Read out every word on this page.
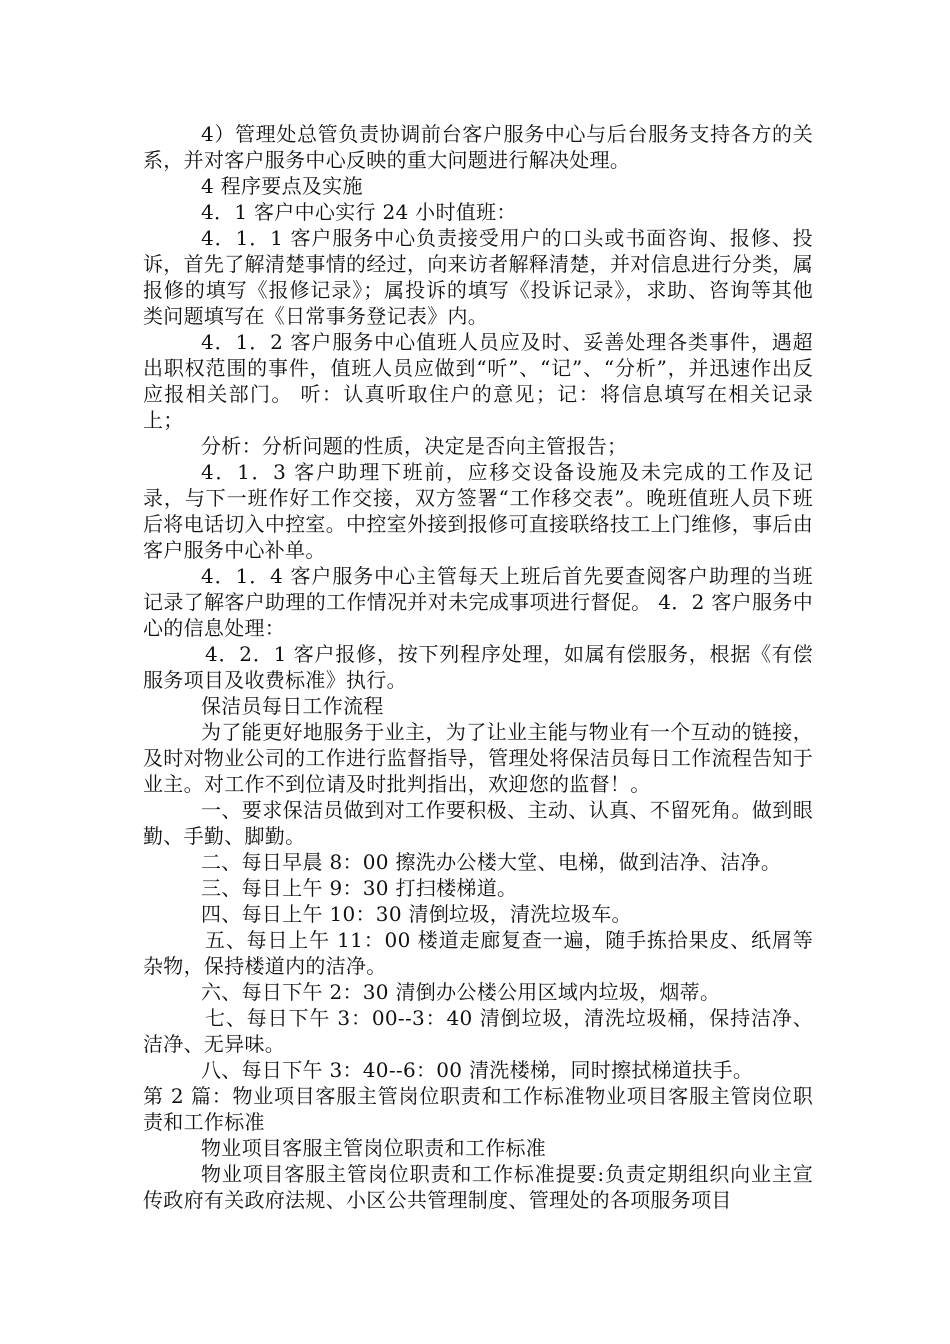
4）管理处总管负责协调前台客户服务中心与后台服务支持各方的关系，并对客户服务中心反映的重大问题进行解决处理。

4 程序要点及实施

4．1 客户中心实行 24 小时值班：

4．1．1 客户服务中心负责接受用户的口头或书面咨询、报修、投诉，首先了解清楚事情的经过，向来访者解释清楚，并对信息进行分类，属报修的填写《报修记录》；属投诉的填写《投诉记录》，求助、咨询等其他类问题填写在《日常事务登记表》内。

4．1．2 客户服务中心值班人员应及时、妥善处理各类事件，遇超出职权范围的事件，值班人员应做到“听”、“记”、“分析”，并迅速作出反应报相关部门。 听：认真听取住户的意见；记：将信息填写在相关记录上；

分析：分析问题的性质，决定是否向主管报告；

4．1．3 客户助理下班前，应移交设备设施及未完成的工作及记录，与下一班作好工作交接，双方签署“工作移交表”。晚班值班人员下班后将电话切入中控室。中控室外接到报修可直接联络技工上门维修，事后由客户服务中心补单。

4．1．4 客户服务中心主管每天上班后首先要查阅客户助理的当班记录了解客户助理的工作情况并对未完成事项进行督促。 4．2 客户服务中心的信息处理：

4．2．1 客户报修，按下列程序处理，如属有偿服务，根据《有偿服务项目及收费标准》执行。

保洁员每日工作流程

为了能更好地服务于业主，为了让业主能与物业有一个互动的链接，及时对物业公司的工作进行监督指导，管理处将保洁员每日工作流程告知于业主。对工作不到位请及时批判指出，欢迎您的监督！。

一、要求保洁员做到对工作要积极、主动、认真、不留死角。做到眼勤、手勤、脚勤。

二、每日早晨 8：00 擦洗办公楼大堂、电梯，做到洁净、洁净。

三、每日上午 9：30 打扫楼梯道。

四、每日上午 10：30 清倒垃圾，清洗垃圾车。

五、每日上午 11：00 楼道走廊复查一遍，随手拣拾果皮、纸屑等杂物，保持楼道内的洁净。

六、每日下午 2：30 清倒办公楼公用区域内垃圾，烟蒂。

七、每日下午 3：00--3：40 清倒垃圾，清洗垃圾桶，保持洁净、洁净、无异味。

八、每日下午 3：40--6：00 清洗楼梯，同时擦拭梯道扶手。

第 2 篇：物业项目客服主管岗位职责和工作标准物业项目客服主管岗位职责和工作标准

物业项目客服主管岗位职责和工作标准

物业项目客服主管岗位职责和工作标准提要:负责定期组织向业主宣传政府有关政府法规、小区公共管理制度、管理处的各项服务项目
